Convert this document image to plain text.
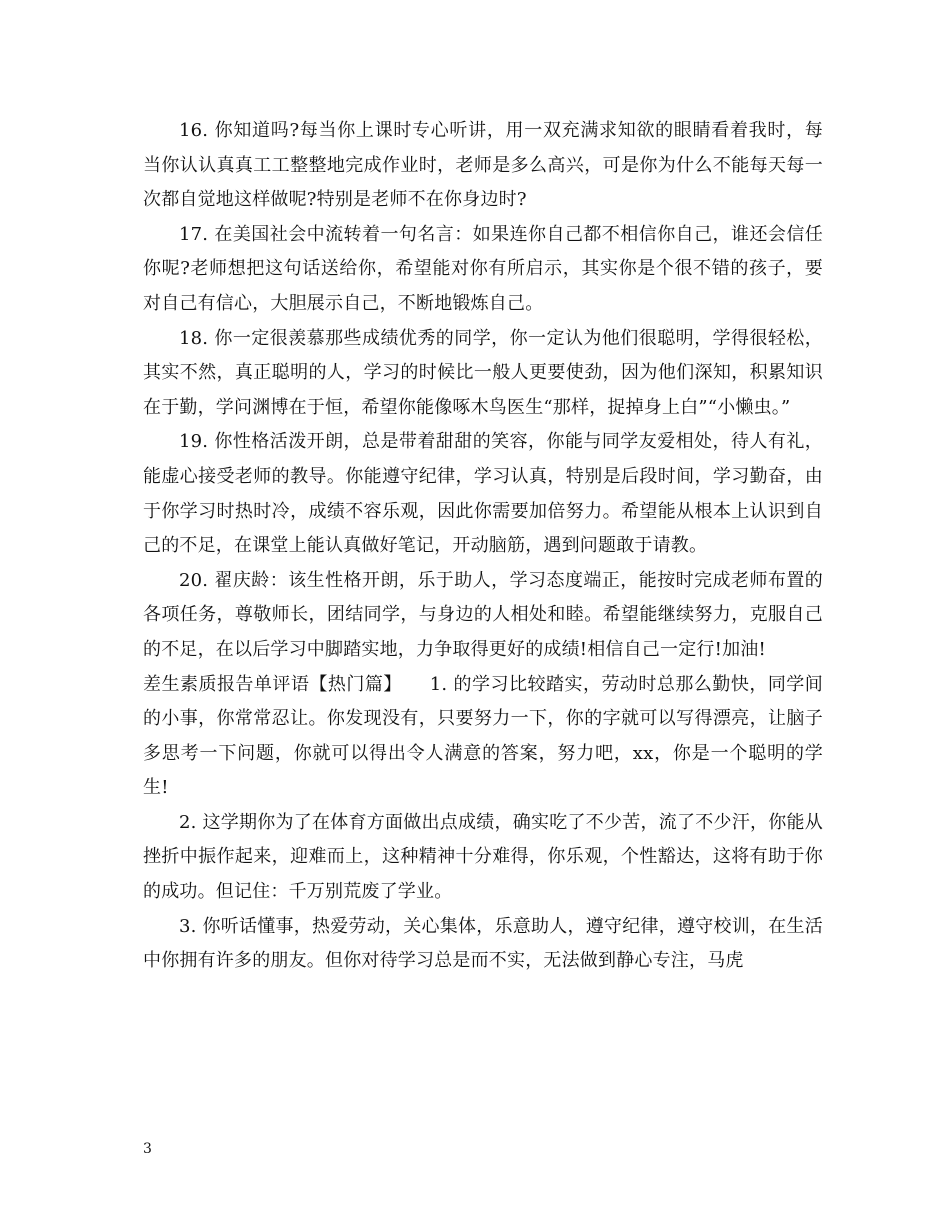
16. 你知道吗?每当你上课时专心听讲，用一双充满求知欲的眼睛看着我时，每当你认认真真工工整整地完成作业时，老师是多么高兴，可是你为什么不能每天每一次都自觉地这样做呢?特别是老师不在你身边时?

17. 在美国社会中流转着一句名言：如果连你自己都不相信你自己，谁还会信任你呢?老师想把这句话送给你，希望能对你有所启示，其实你是个很不错的孩子，要对自己有信心，大胆展示自己，不断地锻炼自己。

18. 你一定很羡慕那些成绩优秀的同学，你一定认为他们很聪明，学得很轻松，其实不然，真正聪明的人，学习的时候比一般人更要使劲，因为他们深知，积累知识在于勤，学问渊博在于恒，希望你能像啄木鸟医生“那样，捉掉身上白”“小懒虫。”

19. 你性格活泼开朗，总是带着甜甜的笑容，你能与同学友爱相处，待人有礼，能虚心接受老师的教导。你能遵守纪律，学习认真，特别是后段时间，学习勤奋，由于你学习时热时冷，成绩不容乐观，因此你需要加倍努力。希望能从根本上认识到自己的不足，在课堂上能认真做好笔记，开动脑筋，遇到问题敢于请教。

20. 翟庆龄：该生性格开朗，乐于助人，学习态度端正，能按时完成老师布置的各项任务，尊敬师长，团结同学，与身边的人相处和睦。希望能继续努力，克服自己的不足，在以后学习中脚踏实地，力争取得更好的成绩!相信自己一定行!加油!

差生素质报告单评语【热门篇】　　1. 的学习比较踏实，劳动时总那么勤快，同学间的小事，你常常忍让。你发现没有，只要努力一下，你的字就可以写得漂亮，让脑子多思考一下问题，你就可以得出令人满意的答案，努力吧，xx，你是一个聪明的学生!

2. 这学期你为了在体育方面做出点成绩，确实吃了不少苦，流了不少汗，你能从挫折中振作起来，迎难而上，这种精神十分难得，你乐观，个性豁达，这将有助于你的成功。但记住：千万别荒废了学业。

3. 你听话懂事，热爱劳动，关心集体，乐意助人，遵守纪律，遵守校训，在生活中你拥有许多的朋友。但你对待学习总是而不实，无法做到静心专注，马虎

3
